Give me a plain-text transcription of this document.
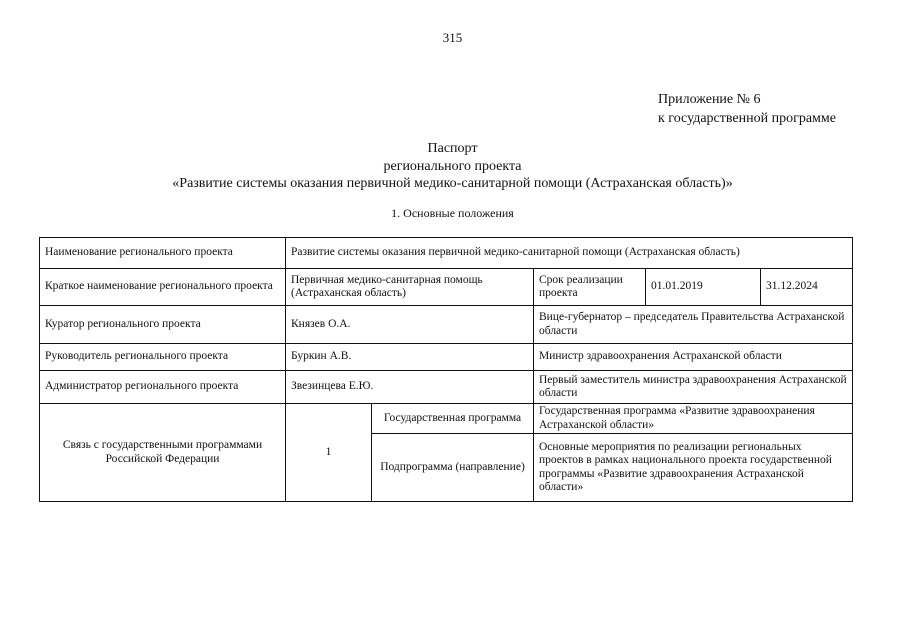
315
Приложение № 6
к государственной программе
Паспорт
регионального проекта
«Развитие системы оказания первичной медико-санитарной помощи (Астраханская область)»
1. Основные положения
Наименование регионального проекта	Развитие системы оказания первичной медико-санитарной помощи (Астраханская область)				
Краткое наименование регионального проекта	Первичная медико-санитарная помощь (Астраханская область)		Срок реализации проекта	01.01.2019	31.12.2024
Куратор регионального проекта	Князев О.А.		Вице-губернатор – председатель Правительства Астраханской области		
Руководитель регионального проекта	Буркин А.В.		Министр здравоохранения Астраханской области		
Администратор регионального проекта	Звезинцева Е.Ю.		Первый заместитель министра здравоохранения Астраханской области		
Связь с государственными программами Российской Федерации	1	Государственная программа	Государственная программа «Развитие здравоохранения Астраханской области»		
		Подпрограмма (направление)	Основные мероприятия по реализации региональных проектов в рамках национального проекта государственной программы «Развитие здравоохранения Астраханской области»		
